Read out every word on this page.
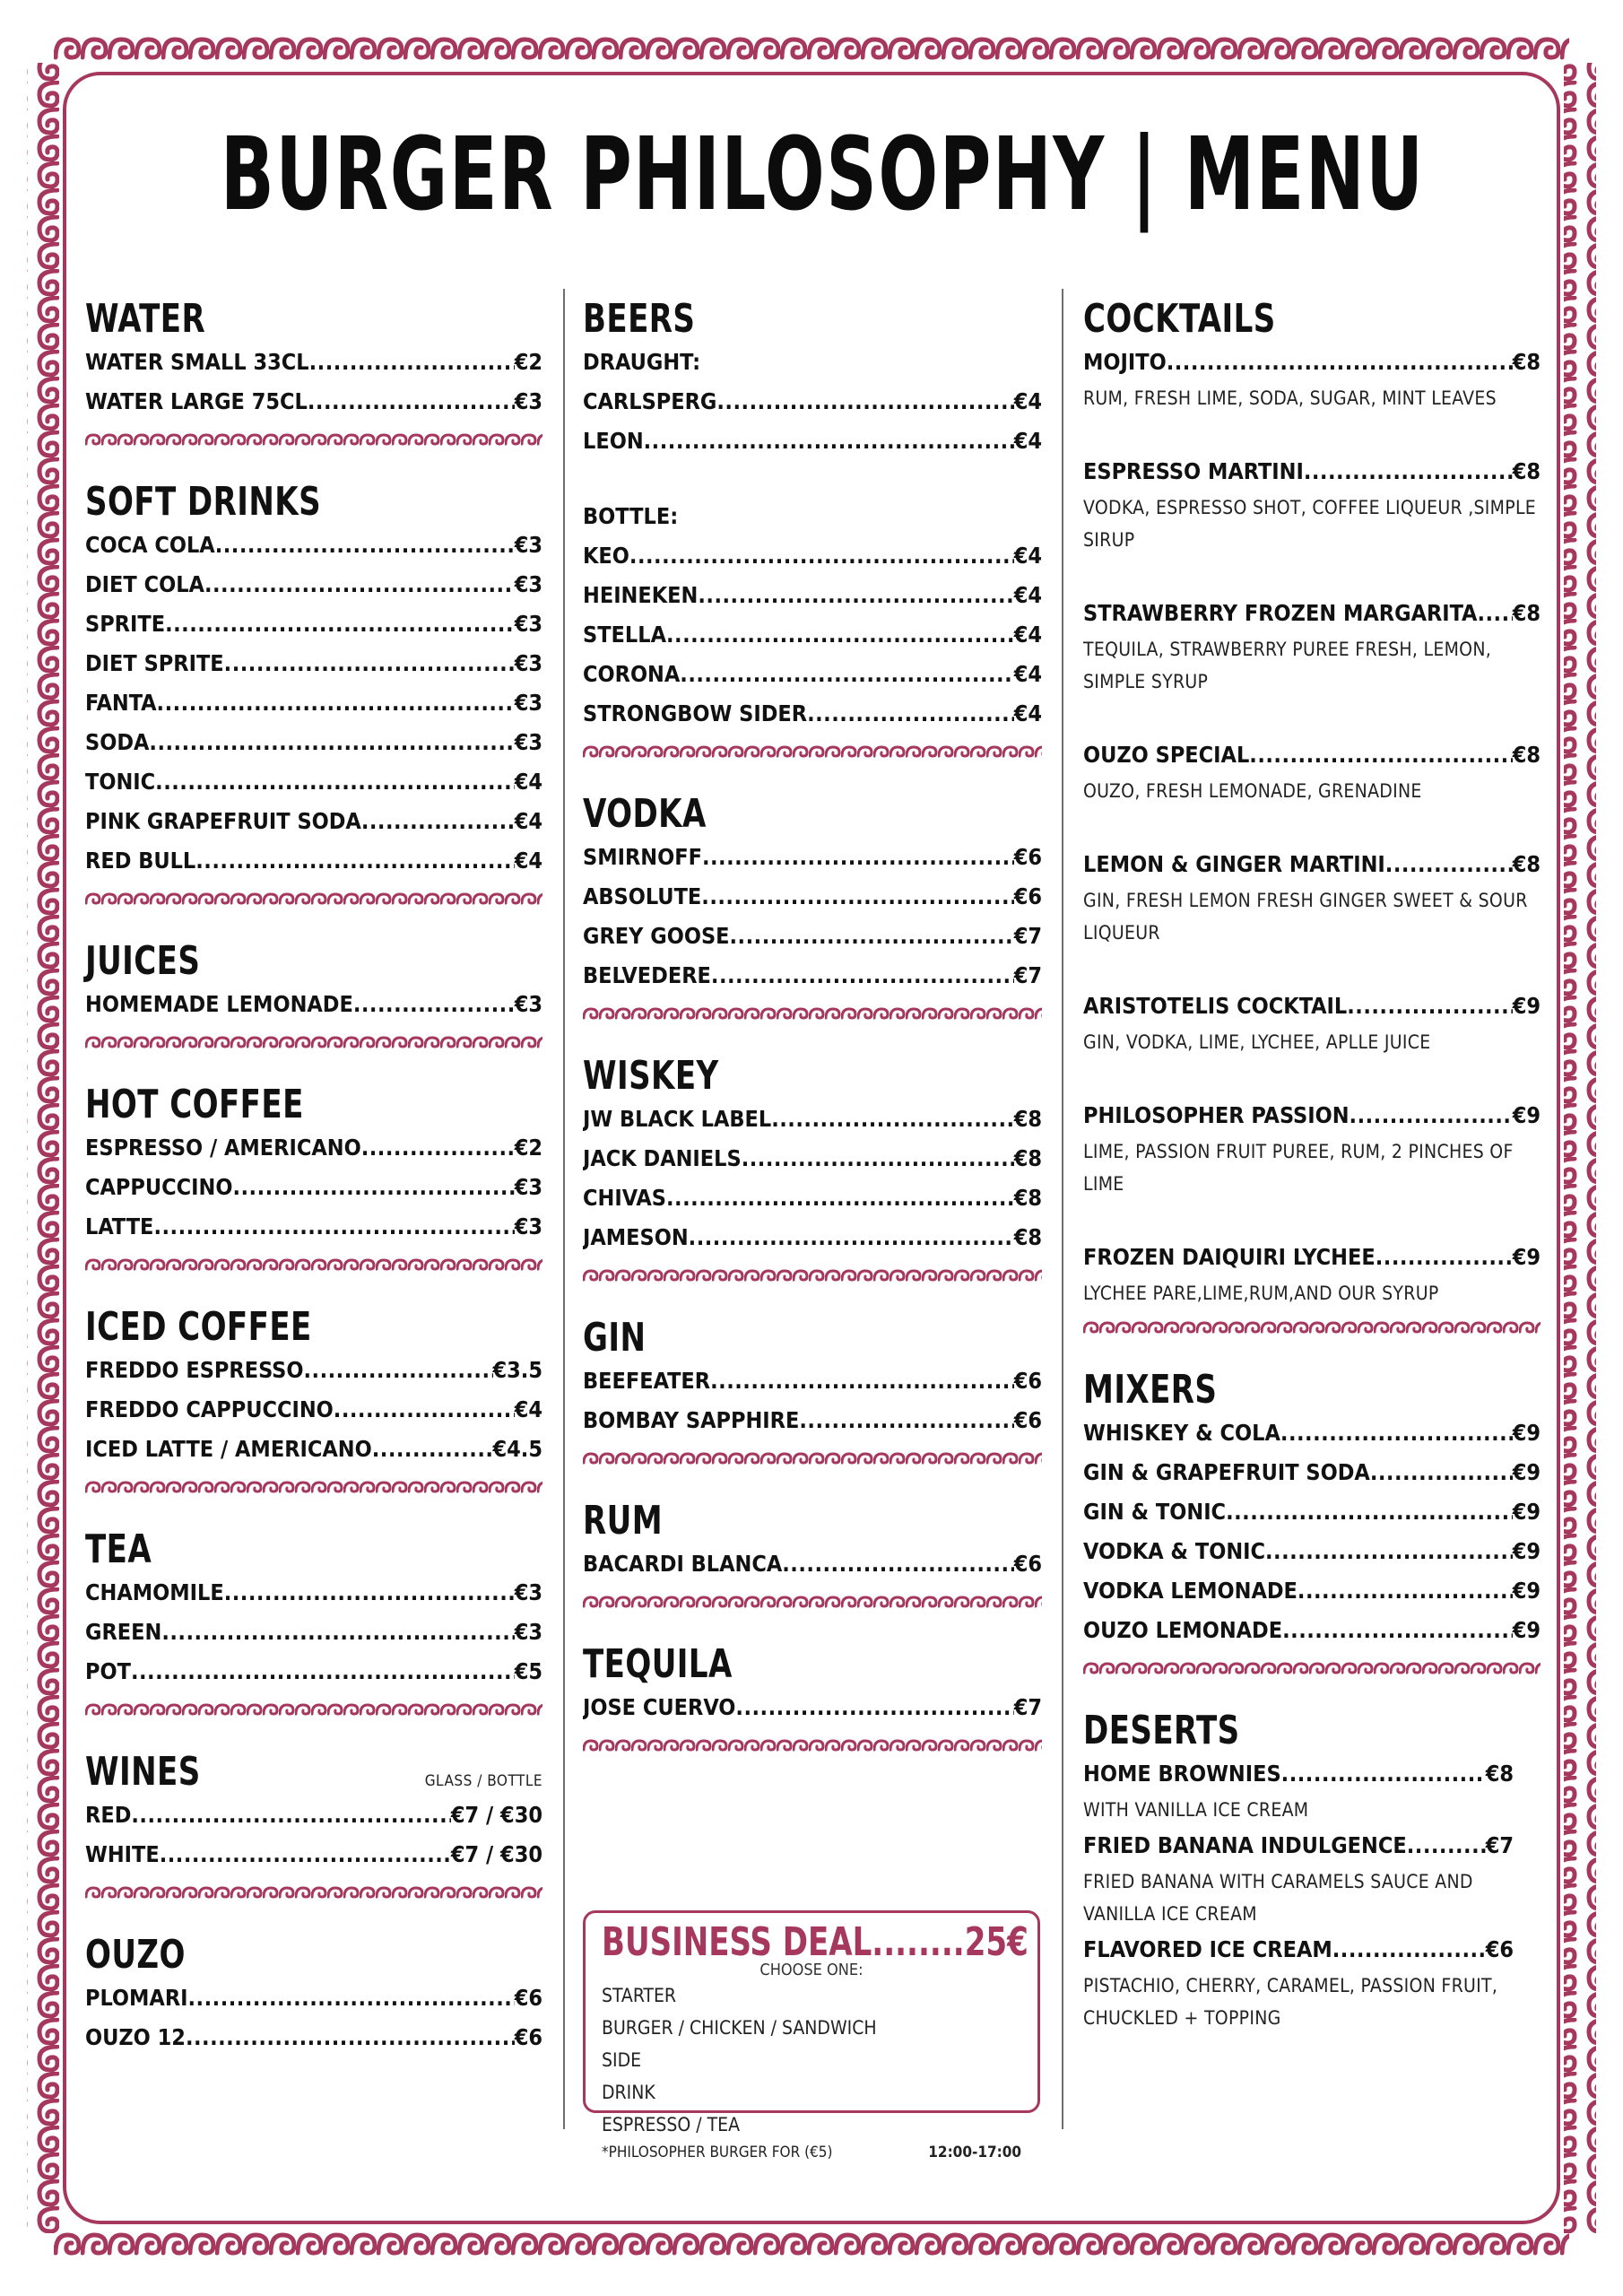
BURGER PHILOSOPHY | MENU
WATER
WATER SMALL 33CL .....	€2
WATER LARGE 75CL .....	€3
SOFT DRINKS
COCA COLA .....	€3
DIET COLA .....	€3
SPRITE .....	€3
DIET SPRITE .....	€3
FANTA .....	€3
SODA .....	€3
TONIC .....	€4
PINK GRAPEFRUIT SODA .....	€4
RED BULL .....	€4
JUICES
HOMEMADE LEMONADE .....	€3
HOT COFFEE
ESPRESSO / AMERICANO .....	€2
CAPPUCCINO .....	€3
LATTE .....	€3
ICED COFFEE
FREDDO ESPRESSO .....	€3.5
FREDDO CAPPUCCINO .....	€4
ICED LATTE / AMERICANO .....	€4.5
TEA
CHAMOMILE .....	€3
GREEN .....	€3
POT .....	€5
WINES	GLASS / BOTTLE
RED .....	€7 / €30
WHITE .....	€7 / €30
OUZO
PLOMARI .....	€6
OUZO 12 .....	€6
BEERS
DRAUGHT:
CARLSPERG .....	€4
LEON .....	€4
BOTTLE:
KEO .....	€4
HEINEKEN .....	€4
STELLA .....	€4
CORONA .....	€4
STRONGBOW SIDER .....	€4
VODKA
SMIRNOFF .....	€6
ABSOLUTE .....	€6
GREY GOOSE .....	€7
BELVEDERE .....	€7
WISKEY
JW BLACK LABEL .....	€8
JACK DANIELS .....	€8
CHIVAS .....	€8
JAMESON .....	€8
GIN
BEEFEATER .....	€6
BOMBAY SAPPHIRE .....	€6
RUM
BACARDI BLANCA .....	€6
TEQUILA
JOSE CUERVO .....	€7
BUSINESS DEAL........25€
CHOOSE ONE:
STARTER
BURGER / CHICKEN / SANDWICH
SIDE
DRINK
ESPRESSO / TEA
*PHILOSOPHER BURGER FOR (€5)	12:00-17:00
COCKTAILS
MOJITO .....	€8
RUM, FRESH LIME, SODA, SUGAR, MINT LEAVES
ESPRESSO MARTINI .....	€8
VODKA, ESPRESSO SHOT, COFFEE LIQUEUR ,SIMPLE SIRUP
STRAWBERRY FROZEN MARGARITA ..... €8
TEQUILA, STRAWBERRY PUREE FRESH, LEMON, SIMPLE SYRUP
OUZO SPECIAL .....	€8
OUZO, FRESH LEMONADE, GRENADINE
LEMON & GINGER MARTINI .....	€8
GIN, FRESH LEMON FRESH GINGER SWEET & SOUR LIQUEUR
ARISTOTELIS COCKTAIL .....	€9
GIN, VODKA, LIME, LYCHEE, APLLE JUICE
PHILOSOPHER PASSION .....	€9
LIME, PASSION FRUIT PUREE, RUM, 2 PINCHES OF LIME
FROZEN DAIQUIRI LYCHEE .....	€9
LYCHEE PARE,LIME,RUM,AND OUR SYRUP
MIXERS
WHISKEY & COLA .....	€9
GIN & GRAPEFRUIT SODA .....	€9
GIN & TONIC .....	€9
VODKA & TONIC .....	€9
VODKA LEMONADE .....	€9
OUZO LEMONADE .....	€9
DESERTS
HOME BROWNIES .....	€8
WITH VANILLA ICE CREAM
FRIED BANANA INDULGENCE .....	€7
FRIED BANANA WITH CARAMELS SAUCE AND VANILLA ICE CREAM
FLAVORED ICE CREAM .....	€6
PISTACHIO, CHERRY, CARAMEL, PASSION FRUIT, CHUCKLED + TOPPING
